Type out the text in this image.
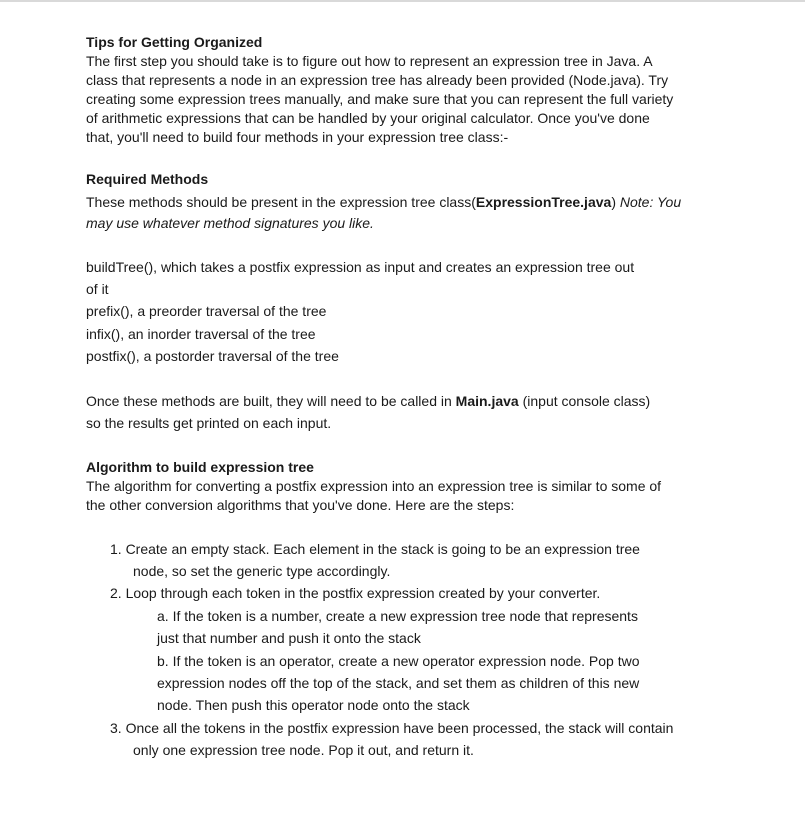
Tips for Getting Organized
The first step you should take is to figure out how to represent an expression tree in Java. A
class that represents a node in an expression tree has already been provided (Node.java). Try
creating some expression trees manually, and make sure that you can represent the full variety
of arithmetic expressions that can be handled by your original calculator. Once you've done
that, you'll need to build four methods in your expression tree class:-
Required Methods
These methods should be present in the expression tree class(ExpressionTree.java) Note: You
may use whatever method signatures you like.
buildTree(), which takes a postfix expression as input and creates an expression tree out
of it
prefix(), a preorder traversal of the tree
infix(), an inorder traversal of the tree
postfix(), a postorder traversal of the tree
Once these methods are built, they will need to be called in Main.java (input console class)
so the results get printed on each input.
Algorithm to build expression tree
The algorithm for converting a postfix expression into an expression tree is similar to some of
the other conversion algorithms that you've done. Here are the steps:
1. Create an empty stack. Each element in the stack is going to be an expression tree
node, so set the generic type accordingly.
2. Loop through each token in the postfix expression created by your converter.
a. If the token is a number, create a new expression tree node that represents
just that number and push it onto the stack
b. If the token is an operator, create a new operator expression node. Pop two
expression nodes off the top of the stack, and set them as children of this new
node. Then push this operator node onto the stack
3. Once all the tokens in the postfix expression have been processed, the stack will contain
only one expression tree node. Pop it out, and return it.
